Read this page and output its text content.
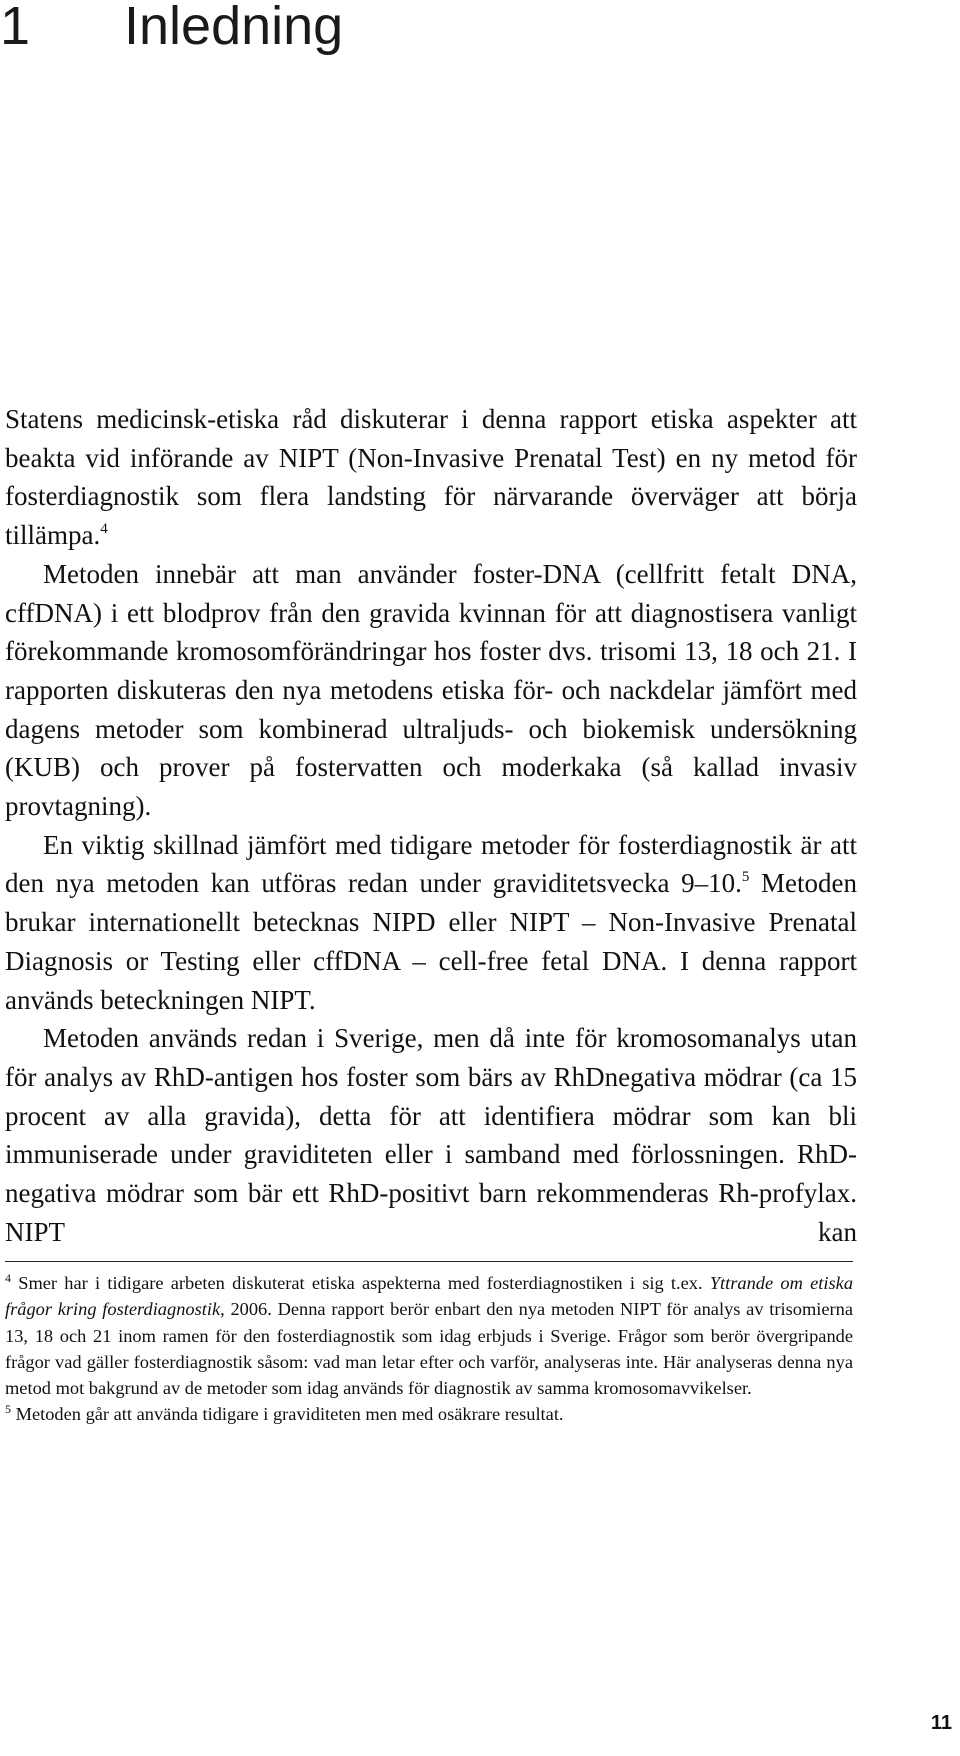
1 Inledning

Statens medicinsk-etiska råd diskuterar i denna rapport etiska aspekter att beakta vid införande av NIPT (Non-Invasive Prenatal Test) en ny metod för fosterdiagnostik som flera landsting för närvarande överväger att börja tillämpa.$^4$

Metoden innebär att man använder foster-DNA (cellfritt fetalt DNA, cffDNA) i ett blodprov från den gravida kvinnan för att diagnostisera vanligt förekommande kromosomförändringar hos foster dvs. trisomi 13, 18 och 21. I rapporten diskuteras den nya metodens etiska för- och nackdelar jämfört med dagens metoder som kombinerad ultraljuds- och biokemisk undersökning (KUB) och prover på fostervatten och moderkaka (så kallad invasiv provtagning).

En viktig skillnad jämfört med tidigare metoder för fosterdiagnostik är att den nya metoden kan utföras redan under graviditetsvecka 9–10.$^5$ Metoden brukar internationellt betecknas NIPD eller NIPT – Non-Invasive Prenatal Diagnosis or Testing eller cffDNA – cell-free fetal DNA. I denna rapport används beteckningen NIPT.

Metoden används redan i Sverige, men då inte för kromosomanalys utan för analys av RhD-antigen hos foster som bärs av RhDnegativa mödrar (ca 15 procent av alla gravida), detta för att identifiera mödrar som kan bli immuniserade under graviditeten eller i samband med förlossningen. RhD-negativa mödrar som bär ett RhD-positivt barn rekommenderas Rh-profylax. NIPT kan

$^4$ Smer har i tidigare arbeten diskuterat etiska aspekterna med fosterdiagnostiken i sig t.ex. Yttrande om etiska frågor kring fosterdiagnostik, 2006. Denna rapport berör enbart den nya metoden NIPT för analys av trisomierna 13, 18 och 21 inom ramen för den fosterdiagnostik som idag erbjuds i Sverige. Frågor som berör övergripande frågor vad gäller fosterdiagnostik såsom: vad man letar efter och varför, analyseras inte. Här analyseras denna nya metod mot bakgrund av de metoder som idag används för diagnostik av samma kromosomavvikelser.

$^5$ Metoden går att använda tidigare i graviditeten men med osäkrare resultat.

11
